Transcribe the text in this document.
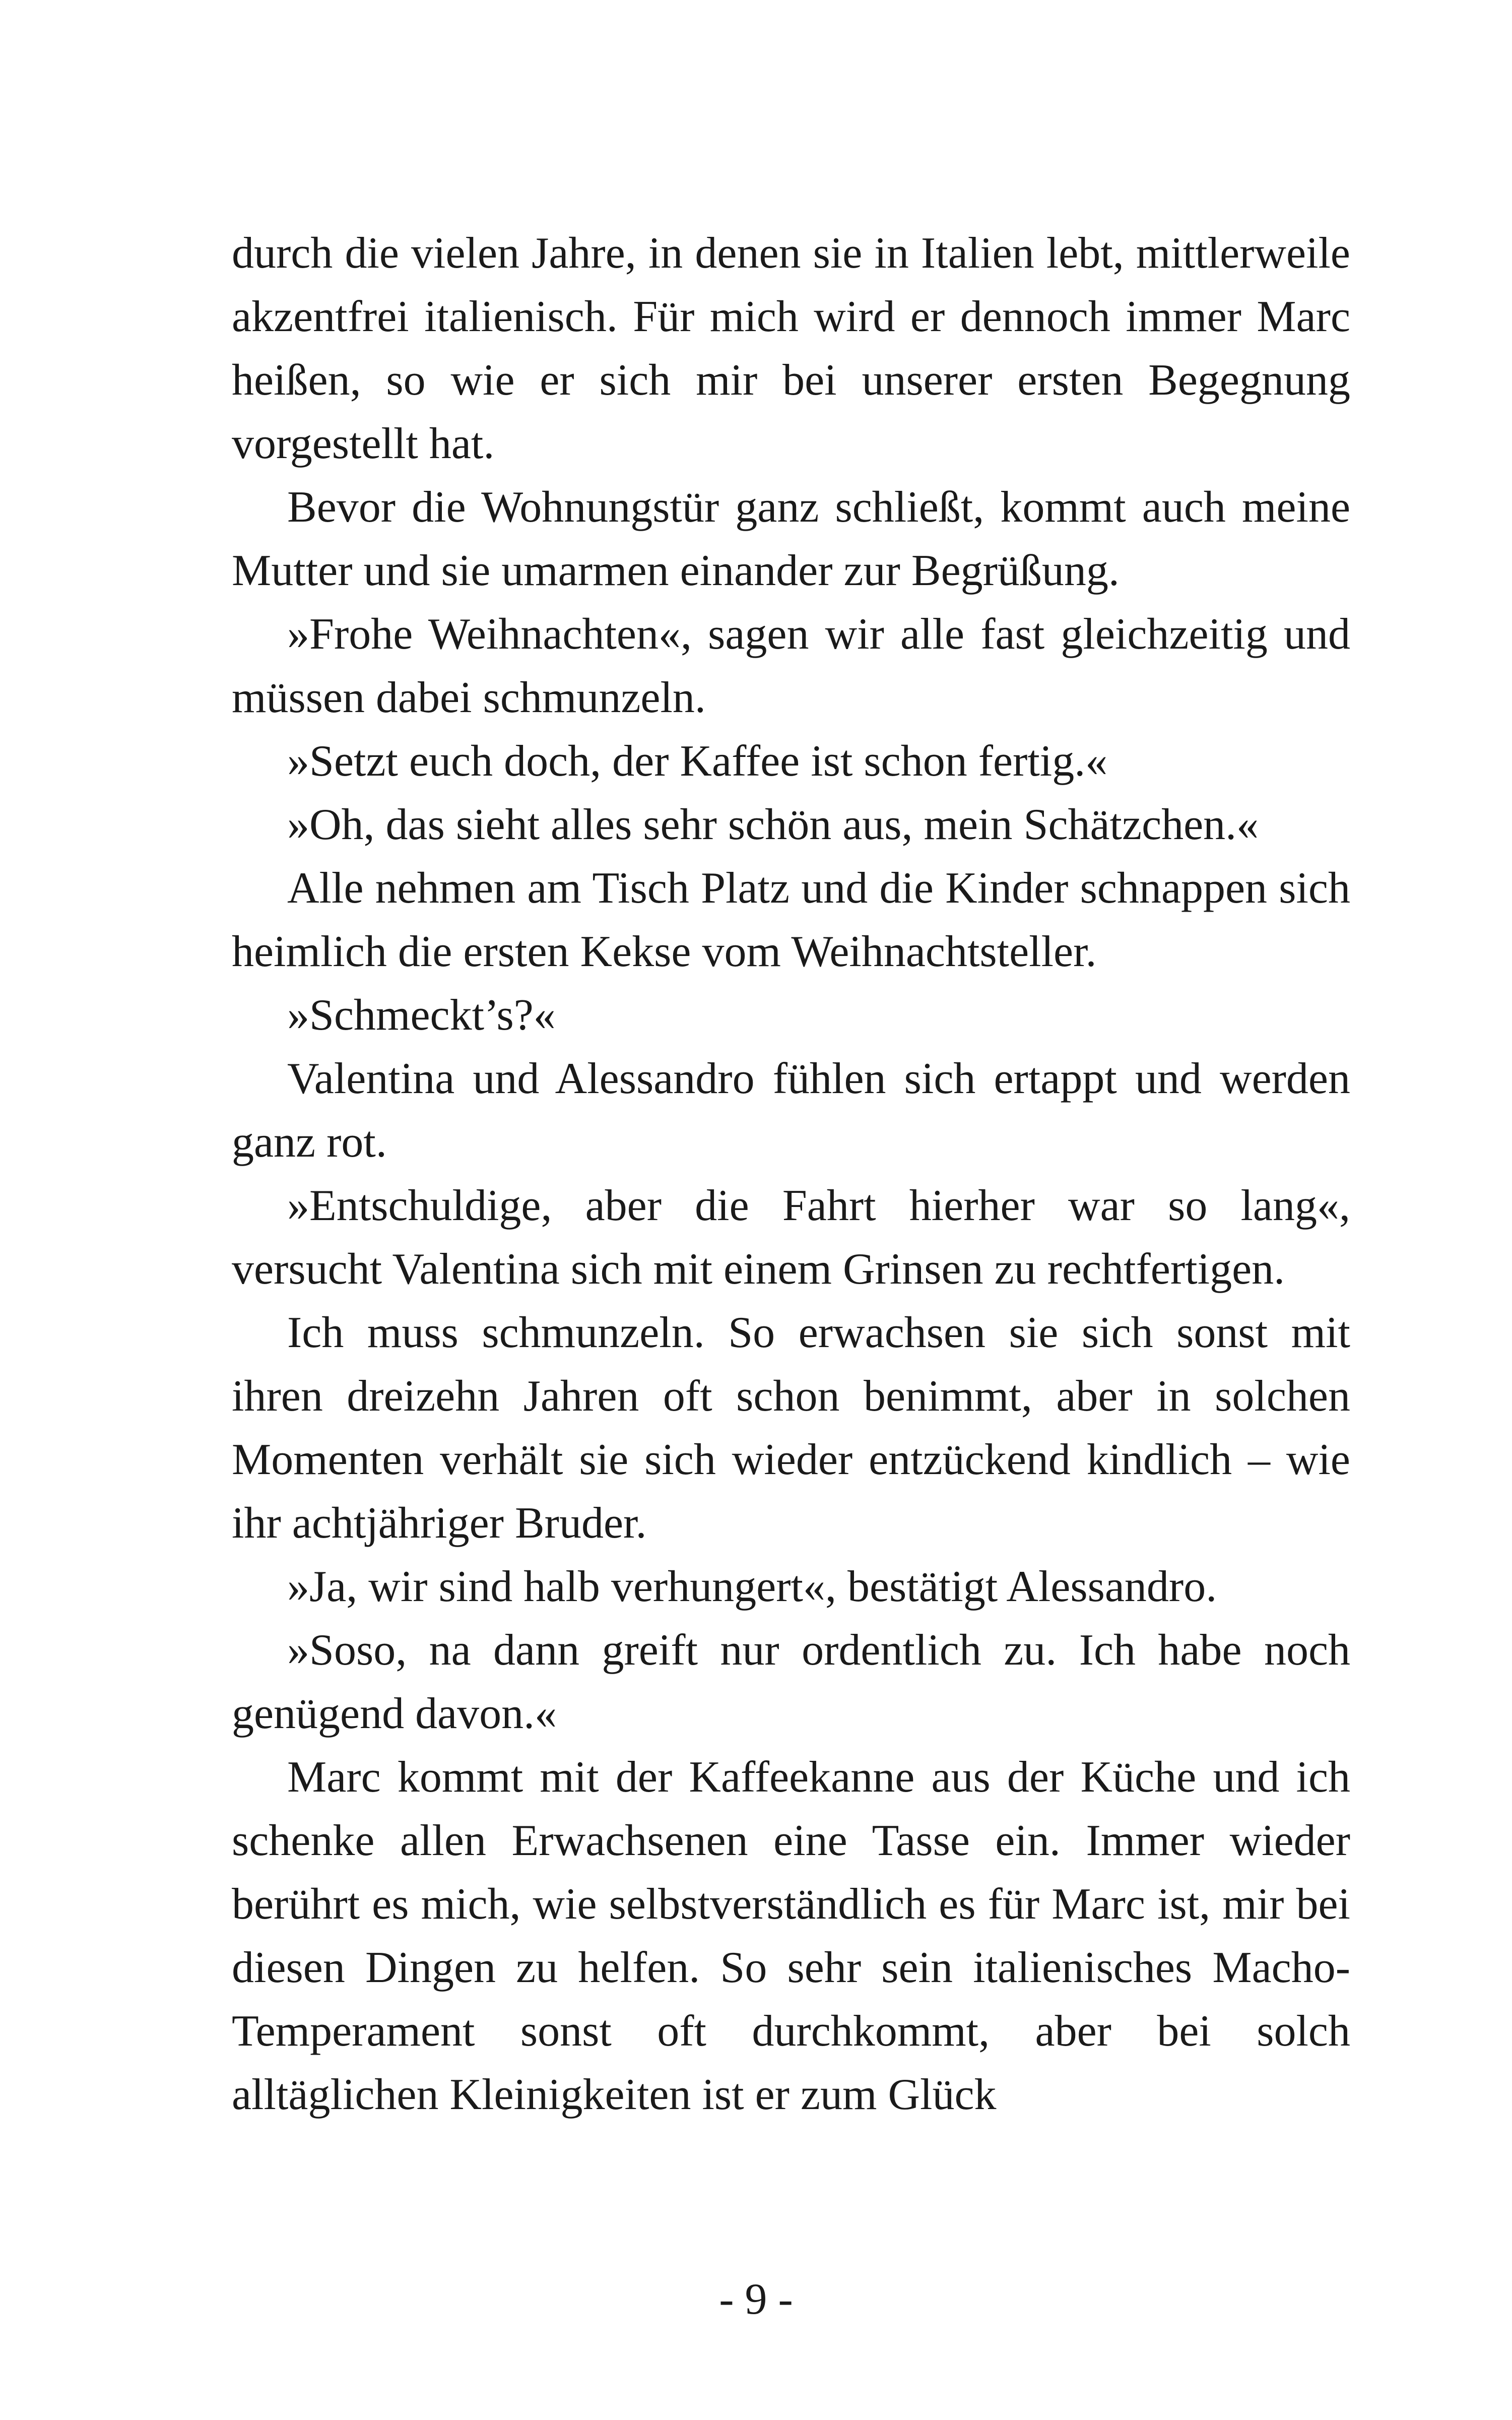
durch die vielen Jahre, in denen sie in Italien lebt, mittlerweile akzentfrei italienisch. Für mich wird er dennoch immer Marc heißen, so wie er sich mir bei unserer ersten Begegnung vorgestellt hat.

Bevor die Wohnungstür ganz schließt, kommt auch meine Mutter und sie umarmen einander zur Begrüßung.

»Frohe Weihnachten«, sagen wir alle fast gleichzeitig und müssen dabei schmunzeln.

»Setzt euch doch, der Kaffee ist schon fertig.«

»Oh, das sieht alles sehr schön aus, mein Schätzchen.«

Alle nehmen am Tisch Platz und die Kinder schnappen sich heimlich die ersten Kekse vom Weihnachtsteller.

»Schmeckt’s?«

Valentina und Alessandro fühlen sich ertappt und werden ganz rot.

»Entschuldige, aber die Fahrt hierher war so lang«, versucht Valentina sich mit einem Grinsen zu rechtfertigen.

Ich muss schmunzeln. So erwachsen sie sich sonst mit ihren dreizehn Jahren oft schon benimmt, aber in solchen Momenten verhält sie sich wieder entzückend kindlich – wie ihr achtjähriger Bruder.

»Ja, wir sind halb verhungert«, bestätigt Alessandro.

»Soso, na dann greift nur ordentlich zu. Ich habe noch genügend davon.«

Marc kommt mit der Kaffeekanne aus der Küche und ich schenke allen Erwachsenen eine Tasse ein. Immer wieder berührt es mich, wie selbstverständlich es für Marc ist, mir bei diesen Dingen zu helfen. So sehr sein italienisches Macho-Temperament sonst oft durchkommt, aber bei solch alltäglichen Kleinigkeiten ist er zum Glück

- 9 -
